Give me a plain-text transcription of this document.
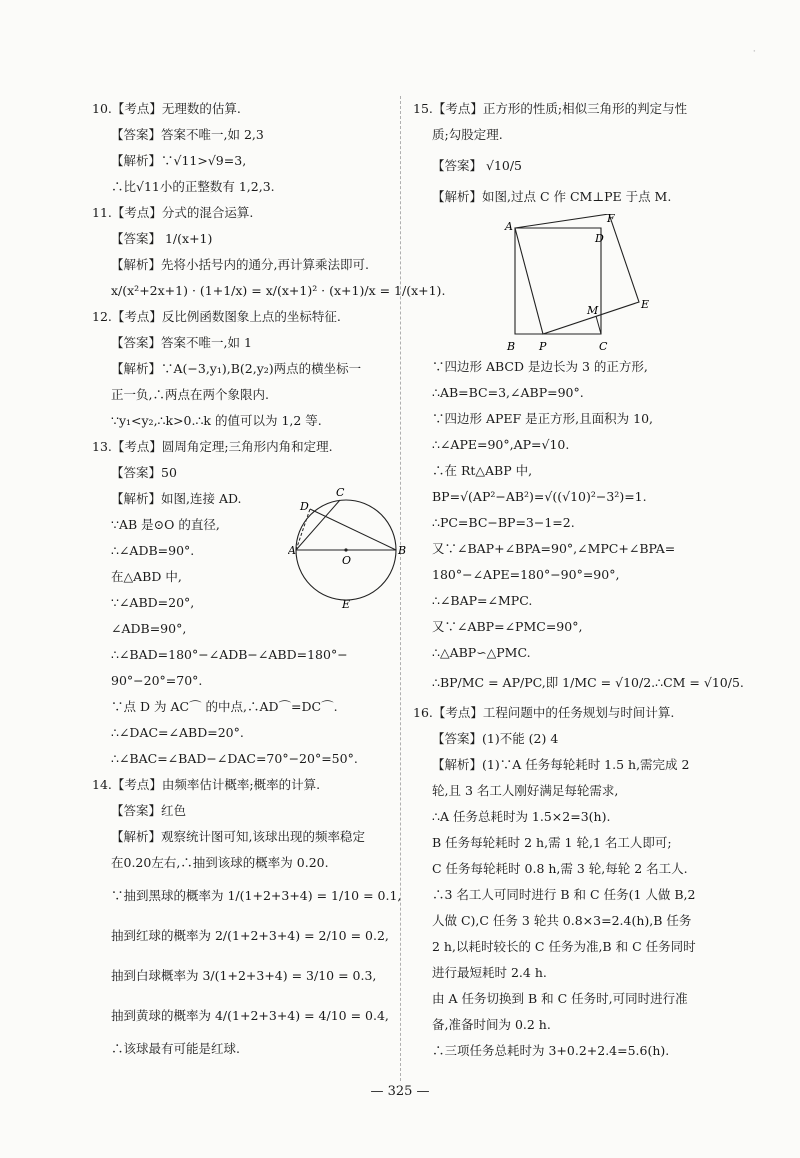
⸱
10.【考点】无理数的估算.
【答案】答案不唯一,如 2,3
【解析】∵√11>√9=3,
∴比√11小的正整数有 1,2,3.
11.【考点】分式的混合运算.
【答案】 1/(x+1)
【解析】先将小括号内的通分,再计算乘法即可.
x/(x²+2x+1) · (1+1/x) = x/(x+1)² · (x+1)/x = 1/(x+1).
12.【考点】反比例函数图象上点的坐标特征.
【答案】答案不唯一,如 1
【解析】∵A(−3,y₁),B(2,y₂)两点的横坐标一
正一负,∴两点在两个象限内.
∵y₁<y₂,∴k>0.∴k 的值可以为 1,2 等.
13.【考点】圆周角定理;三角形内角和定理.
【答案】50
C
D
A	B
O
E
【解析】如图,连接 AD.
∵AB 是⊙O 的直径,
∴∠ADB=90°.
在△ABD 中,
∵∠ABD=20°,
∠ADB=90°,
∴∠BAD=180°−∠ADB−∠ABD=180°−
90°−20°=70°.
∵点 D 为 AC⌒ 的中点,∴AD⌒=DC⌒.
∴∠DAC=∠ABD=20°.
∴∠BAC=∠BAD−∠DAC=70°−20°=50°.
14.【考点】由频率估计概率;概率的计算.
【答案】红色
【解析】观察统计图可知,该球出现的频率稳定
在0.20左右,∴抽到该球的概率为 0.20.
∵抽到黑球的概率为 1/(1+2+3+4) = 1/10 = 0.1,
抽到红球的概率为 2/(1+2+3+4) = 2/10 = 0.2,
抽到白球概率为 3/(1+2+3+4) = 3/10 = 0.3,
抽到黄球的概率为 4/(1+2+3+4) = 4/10 = 0.4,
∴该球最有可能是红球.
15.【考点】正方形的性质;相似三角形的判定与性
质;勾股定理.
【答案】 √10/5
【解析】如图,过点 C 作 CM⊥PE 于点 M.
A
B	C
D
E
F
P
M
∵四边形 ABCD 是边长为 3 的正方形,
∴AB=BC=3,∠ABP=90°.
∵四边形 APEF 是正方形,且面积为 10,
∴∠APE=90°,AP=√10.
∴在 Rt△ABP 中,
BP=√(AP²−AB²)=√((√10)²−3²)=1.
∴PC=BC−BP=3−1=2.
又∵∠BAP+∠BPA=90°,∠MPC+∠BPA=
180°−∠APE=180°−90°=90°,
∴∠BAP=∠MPC.
又∵∠ABP=∠PMC=90°,
∴△ABP∽△PMC.
∴BP/MC = AP/PC,即 1/MC = √10/2.∴CM = √10/5.
16.【考点】工程问题中的任务规划与时间计算.
【答案】(1)不能 (2) 4
【解析】(1)∵A 任务每轮耗时 1.5 h,需完成 2
轮,且 3 名工人刚好满足每轮需求,
∴A 任务总耗时为 1.5×2=3(h).
B 任务每轮耗时 2 h,需 1 轮,1 名工人即可;
C 任务每轮耗时 0.8 h,需 3 轮,每轮 2 名工人.
∴3 名工人可同时进行 B 和 C 任务(1 人做 B,2
人做 C),C 任务 3 轮共 0.8×3=2.4(h),B 任务
2 h,以耗时较长的 C 任务为准,B 和 C 任务同时
进行最短耗时 2.4 h.
由 A 任务切换到 B 和 C 任务时,可同时进行准
备,准备时间为 0.2 h.
∴三项任务总耗时为 3+0.2+2.4=5.6(h).
— 325 —
